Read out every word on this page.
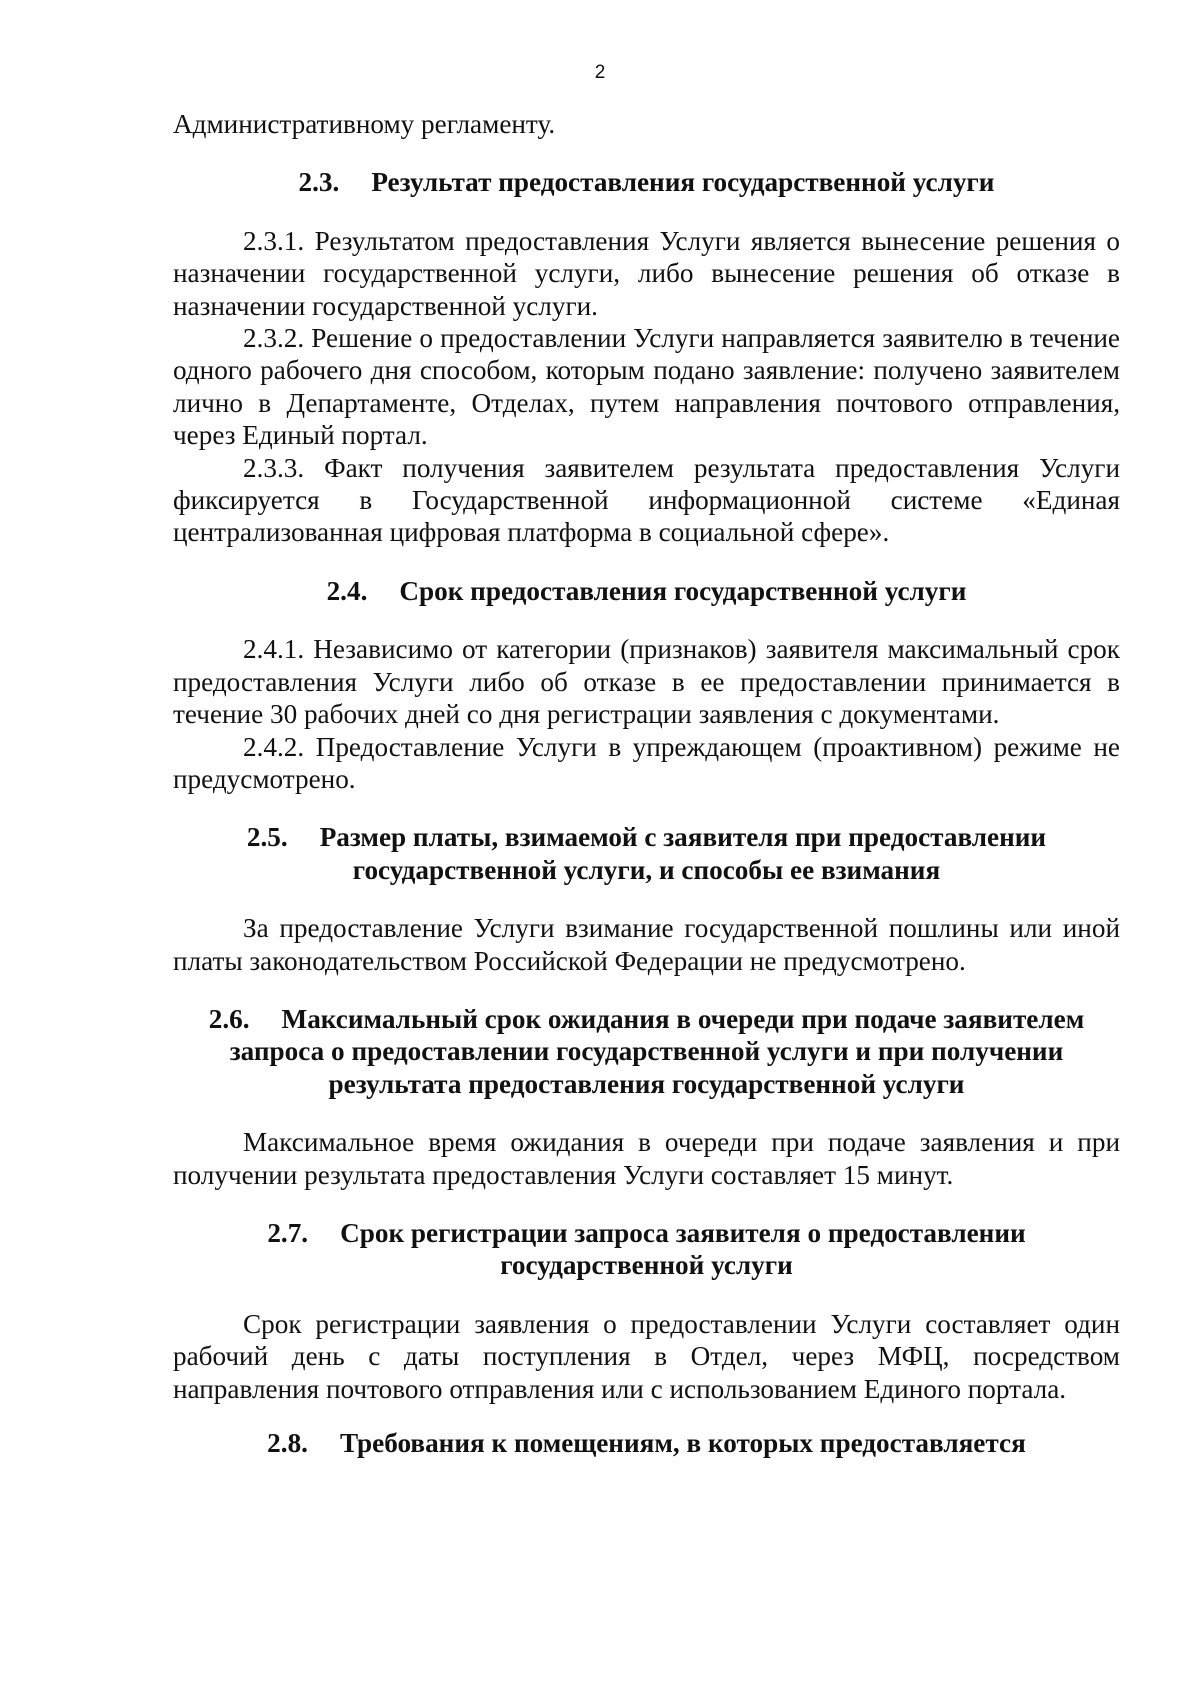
2

Административному регламенту.

2.3. Результат предоставления государственной услуги

2.3.1. Результатом предоставления Услуги является вынесение решения о назначении государственной услуги, либо вынесение решения об отказе в назначении государственной услуги.

2.3.2. Решение о предоставлении Услуги направляется заявителю в течение одного рабочего дня способом, которым подано заявление: получено заявителем лично в Департаменте, Отделах, путем направления почтового отправления, через Единый портал.

2.3.3. Факт получения заявителем результата предоставления Услуги фиксируется в Государственной информационной системе «Единая централизованная цифровая платформа в социальной сфере».

2.4. Срок предоставления государственной услуги

2.4.1. Независимо от категории (признаков) заявителя максимальный срок предоставления Услуги либо об отказе в ее предоставлении принимается в течение 30 рабочих дней со дня регистрации заявления с документами.

2.4.2. Предоставление Услуги в упреждающем (проактивном) режиме не предусмотрено.

2.5. Размер платы, взимаемой с заявителя при предоставлении государственной услуги, и способы ее взимания

За предоставление Услуги взимание государственной пошлины или иной платы законодательством Российской Федерации не предусмотрено.

2.6. Максимальный срок ожидания в очереди при подаче заявителем запроса о предоставлении государственной услуги и при получении результата предоставления государственной услуги

Максимальное время ожидания в очереди при подаче заявления и при получении результата предоставления Услуги составляет 15 минут.

2.7. Срок регистрации запроса заявителя о предоставлении государственной услуги

Срок регистрации заявления о предоставлении Услуги составляет один рабочий день с даты поступления в Отдел, через МФЦ, посредством направления почтового отправления или с использованием Единого портала.

2.8. Требования к помещениям, в которых предоставляется
